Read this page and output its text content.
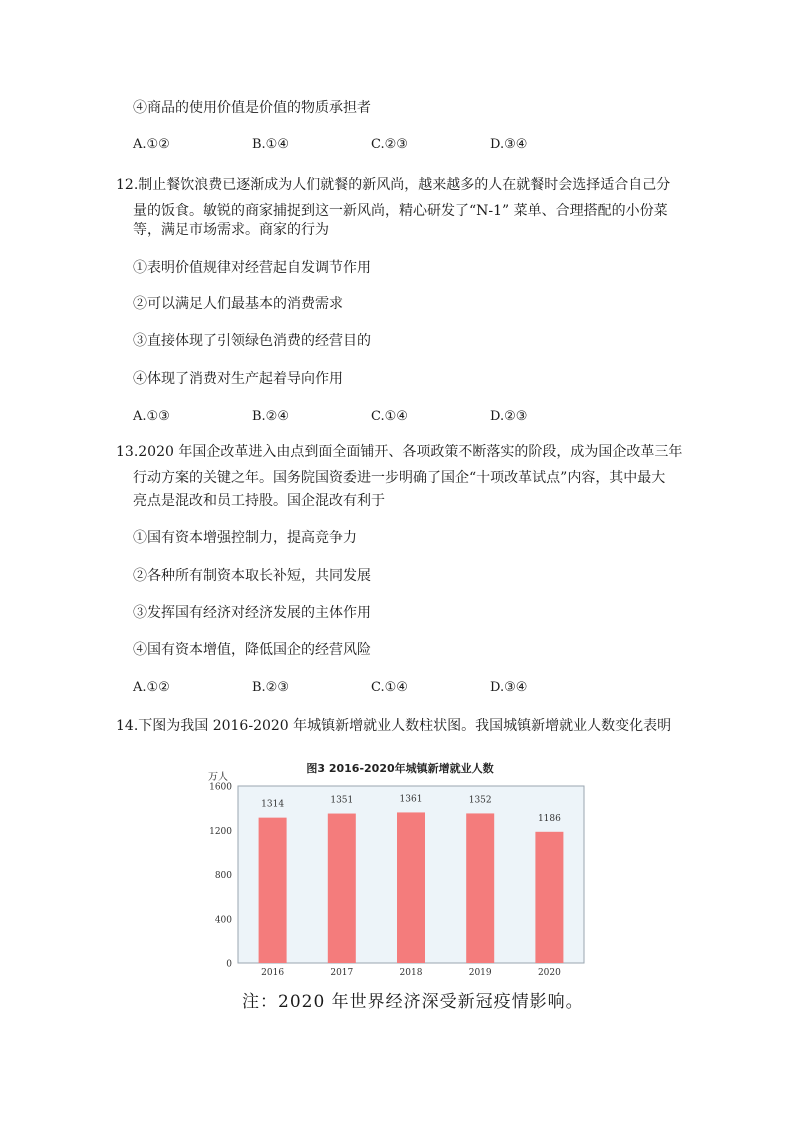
④商品的使用价值是价值的物质承担者
A.①②	B.①④	C.②③	D.③④
12.制止餐饮浪费已逐渐成为人们就餐的新风尚，越来越多的人在就餐时会选择适合自己分
量的饭食。敏锐的商家捕捉到这一新风尚，精心研发了“N-1” 菜单、合理搭配的小份菜
等，满足市场需求。商家的行为
①表明价值规律对经营起自发调节作用
②可以满足人们最基本的消费需求
③直接体现了引领绿色消费的经营目的
④体现了消费对生产起着导向作用
A.①③	B.②④	C.①④	D.②③
13.2020 年国企改革进入由点到面全面铺开、各项政策不断落实的阶段，成为国企改革三年
行动方案的关键之年。国务院国资委进一步明确了国企“十项改革试点”内容，其中最大
亮点是混改和员工持股。国企混改有利于
①国有资本增强控制力，提高竞争力
②各种所有制资本取长补短，共同发展
③发挥国有经济对经济发展的主体作用
④国有资本增值，降低国企的经营风险
A.①②	B.②③	C.①④	D.③④
14.下图为我国 2016-2020 年城镇新增就业人数柱状图。我国城镇新增就业人数变化表明
图3 2016-2020年城镇新增就业人数
万人
0
400
800
1200
1600
1314
2016
1351
2017
1361
2018
1352
2019
1186
2020
注：2020 年世界经济深受新冠疫情影响。
